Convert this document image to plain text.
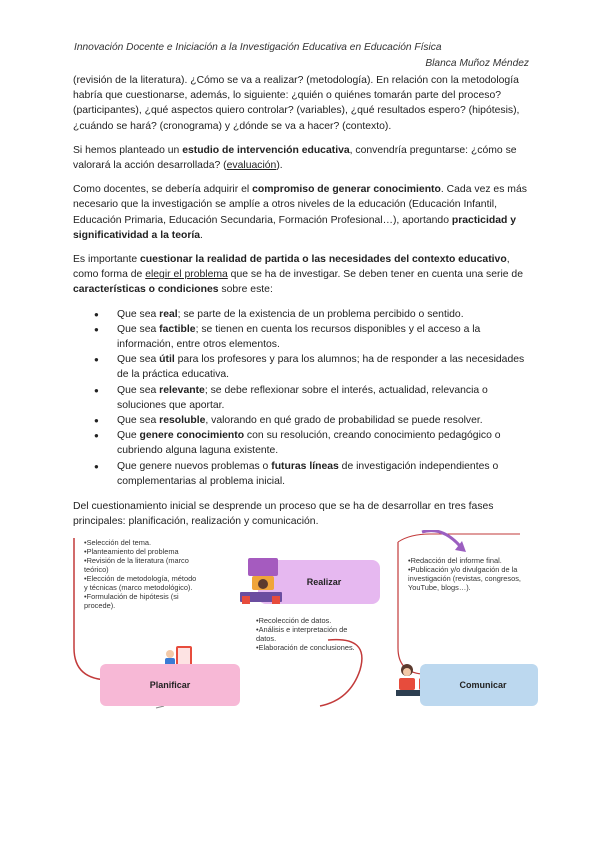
Innovación Docente e Iniciación a la Investigación Educativa en Educación Física
Blanca Muñoz Méndez

(revisión de la literatura). ¿Cómo se va a realizar? (metodología). En relación con la metodología habría que cuestionarse, además, lo siguiente: ¿quién o quiénes tomarán parte del proceso? (participantes), ¿qué aspectos quiero controlar? (variables), ¿qué resultados espero? (hipótesis), ¿cuándo se hará? (cronograma) y ¿dónde se va a hacer? (contexto).

Si hemos planteado un estudio de intervención educativa, convendría preguntarse: ¿cómo se valorará la acción desarrollada? (evaluación).

Como docentes, se debería adquirir el compromiso de generar conocimiento. Cada vez es más necesario que la investigación se amplíe a otros niveles de la educación (Educación Infantil, Educación Primaria, Educación Secundaria, Formación Profesional…), aportando practicidad y significatividad a la teoría.

Es importante cuestionar la realidad de partida o las necesidades del contexto educativo, como forma de elegir el problema que se ha de investigar. Se deben tener en cuenta una serie de características o condiciones sobre este:

● Que sea real; se parte de la existencia de un problema percibido o sentido.
● Que sea factible; se tienen en cuenta los recursos disponibles y el acceso a la información, entre otros elementos.
● Que sea útil para los profesores y para los alumnos; ha de responder a las necesidades de la práctica educativa.
● Que sea relevante; se debe reflexionar sobre el interés, actualidad, relevancia o soluciones que aportar.
● Que sea resoluble, valorando en qué grado de probabilidad se puede resolver.
● Que genere conocimiento con su resolución, creando conocimiento pedagógico o cubriendo alguna laguna existente.
● Que genere nuevos problemas o futuras líneas de investigación independientes o complementarias al problema inicial.

Del cuestionamiento inicial se desprende un proceso que se ha de desarrollar en tres fases principales: planificación, realización y comunicación.

•Selección del tema.
•Planteamiento del problema
•Revisión de la literatura (marco teórico)
•Elección de metodología, método y técnicas (marco metodológico).
•Formulación de hipótesis (si procede).
Planificar
Realizar
•Recolección de datos.
•Análisis e interpretación de datos.
•Elaboración de conclusiones.
•Redacción del informe final.
•Publicación y/o divulgación de la investigación (revistas, congresos, YouTube, blogs…).
Comunicar
